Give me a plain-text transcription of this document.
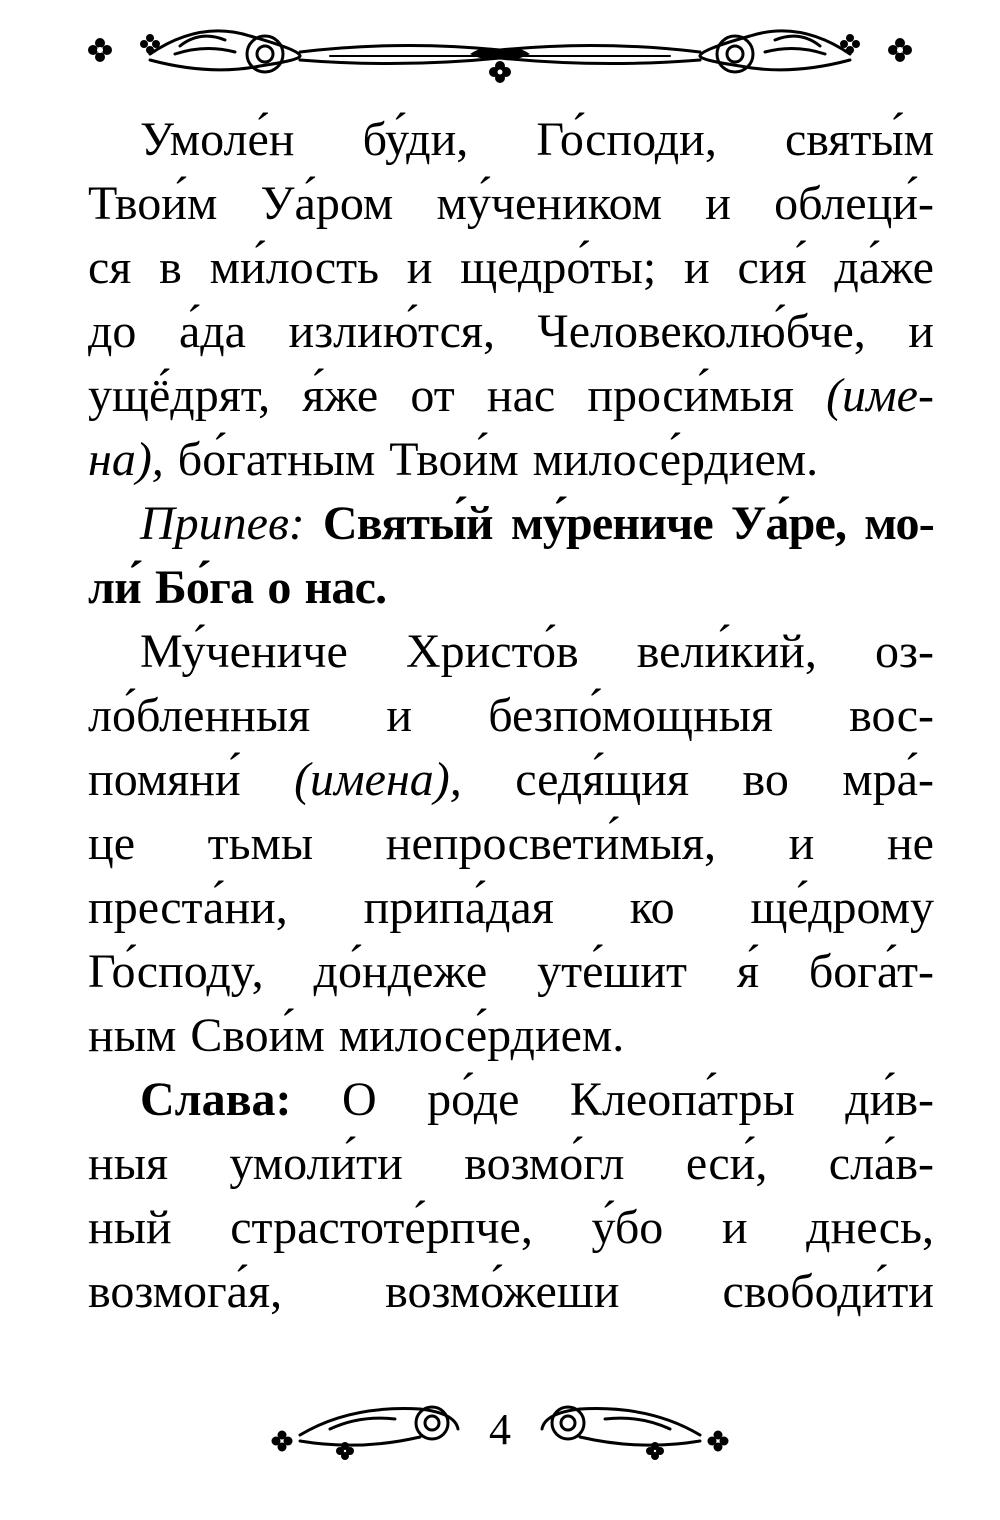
Умоле́н бу́ди, Го́споди, святы́м
Твои́м Уа́ром му́чеником и облеци́-
ся в ми́лость и щедро́ты; и сия́ да́же
до а́да излию́тся, Человеколю́бче, и
ущё́дрят, я́же от нас проси́мыя (име-
на), бо́гатным Твои́м милосе́рдием.
Припев: Святы́й му́рениче Уа́ре, мо-
ли́ Бо́га о нас.
Му́чениче Христо́в вели́кий, оз-
ло́бленныя и безпо́мощныя вос-
помяни́ (имена), седя́щия во мра́-
це тьмы непросвети́мыя, и не
преста́ни, припа́дая ко ще́дрому
Го́сподy, до́ндеже уте́шит я́ бога́т-
ным Свои́м милосе́рдием.
Слава: О ро́де Клеопа́тры ди́в-
ныя умоли́ти возмо́гл еси́, сла́в-
ный страстоте́рпче, у́бо и днесь,
возмога́я, возмо́жеши свободи́ти
4
